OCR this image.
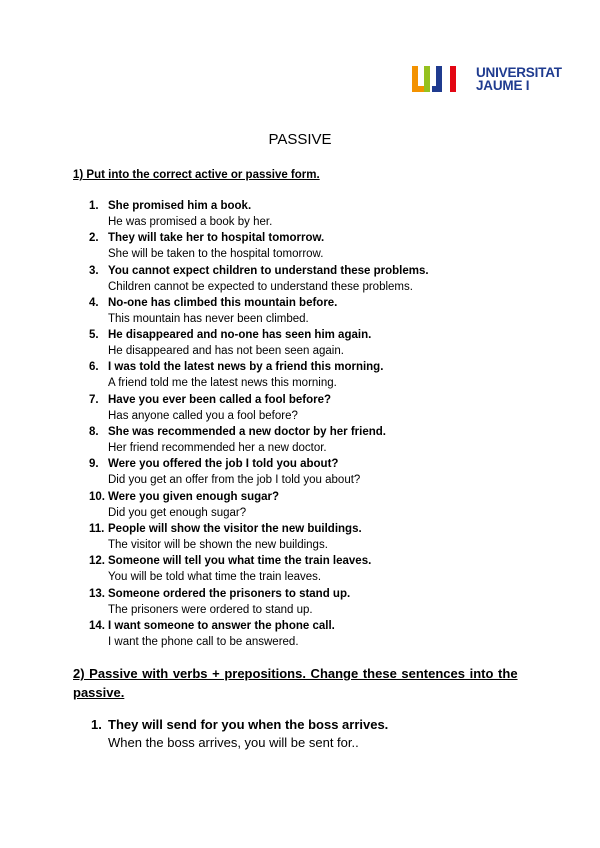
UNIVERSITAT
JAUME I
PASSIVE
1) Put into the correct active or passive form.
1. She promised him a book.
He was promised a book by her.
2. They will take her to hospital tomorrow.
She will be taken to the hospital tomorrow.
3. You cannot expect children to understand these problems.
Children cannot be expected to understand these problems.
4. No-one has climbed this mountain before.
This mountain has never been climbed.
5. He disappeared and no-one has seen him again.
He disappeared and has not been seen again.
6. I was told the latest news by a friend this morning.
A friend told me the latest news this morning.
7. Have you ever been called a fool before?
Has anyone called you a fool before?
8. She was recommended a new doctor by her friend.
Her friend recommended her a new doctor.
9. Were you offered the job I told you about?
Did you get an offer from the job I told you about?
10. Were you given enough sugar?
Did you get enough sugar?
11. People will show the visitor the new buildings.
The visitor will be shown the new buildings.
12. Someone will tell you what time the train leaves.
You will be told what time the train leaves.
13. Someone ordered the prisoners to stand up.
The prisoners were ordered to stand up.
14. I want someone to answer the phone call.
I want the phone call to be answered.
2) Passive with verbs + prepositions. Change these sentences into the passive.
1. They will send for you when the boss arrives.
When the boss arrives, you will be sent for..
